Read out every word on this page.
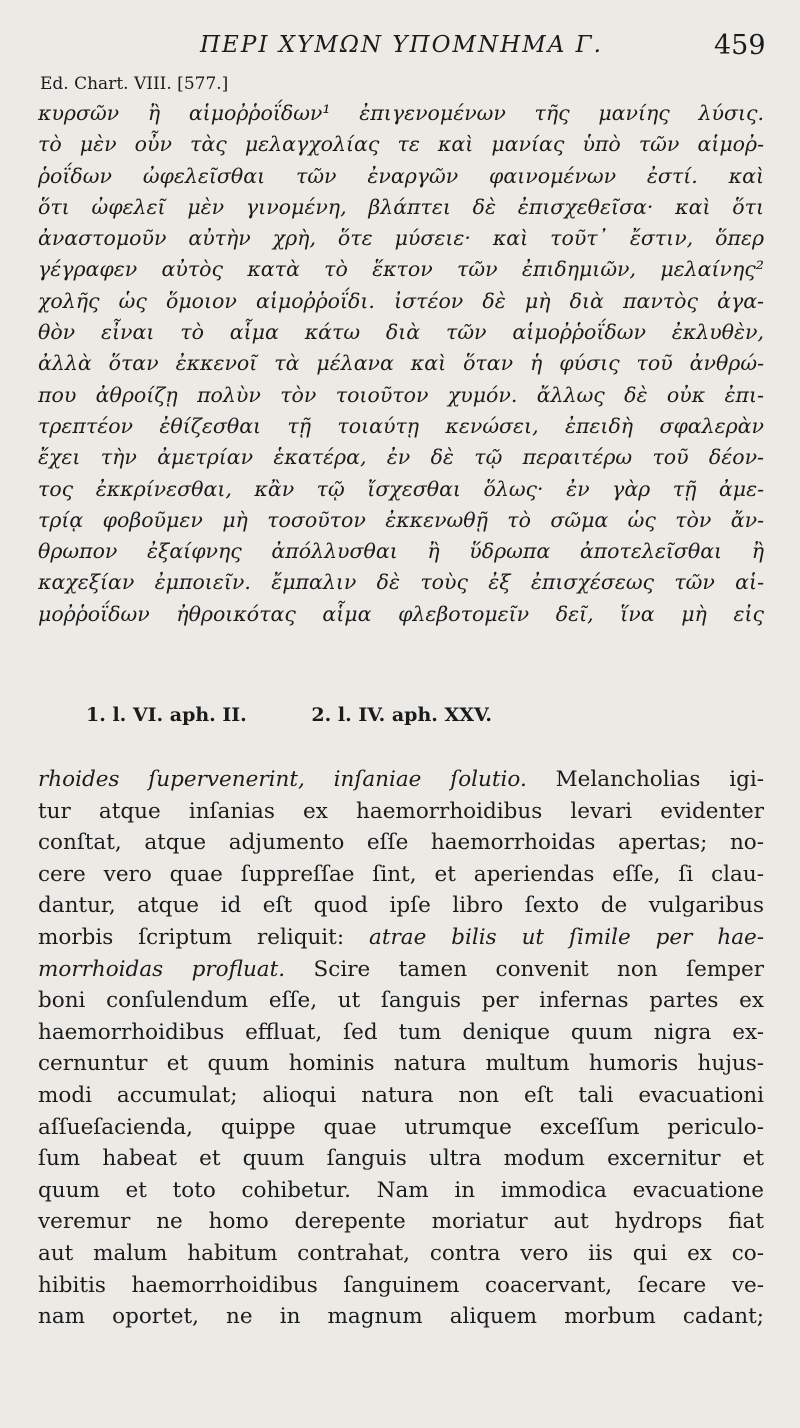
ΠΕΡΙ ΧΥΜΩΝ ΥΠΟΜΝΗΜΑ Γ.	459
Ed. Chart. VIII. [577.]
κυρσῶν ἢ αἱμοῤῥοΐδων¹ ἐπιγενομένων τῆς μανίης λύσις.
τὸ μὲν οὖν τὰς μελαγχολίας τε καὶ μανίας ὑπὸ τῶν αἱμοῤ-
ῥοΐδων ὠφελεῖσθαι τῶν ἐναργῶν φαινομένων ἐστί. καὶ
ὅτι ὠφελεῖ μὲν γινομένη, βλάπτει δὲ ἐπισχεθεῖσα· καὶ ὅτι
ἀναστομοῦν αὐτὴν χρὴ, ὅτε μύσειε· καὶ τοῦτ᾽ ἔστιν, ὅπερ
γέγραφεν αὐτὸς κατὰ τὸ ἕκτον τῶν ἐπιδημιῶν, μελαίνης²
χολῆς ὡς ὅμοιον αἱμοῤῥοΐδι. ἰστέον δὲ μὴ διὰ παντὸς ἀγα-
θὸν εἶναι τὸ αἷμα κάτω διὰ τῶν αἱμοῤῥοΐδων ἐκλυθὲν,
ἀλλὰ ὅταν ἐκκενοῖ τὰ μέλανα καὶ ὅταν ἡ φύσις τοῦ ἀνθρώ-
που ἀθροίζῃ πολὺν τὸν τοιοῦτον χυμόν. ἄλλως δὲ οὐκ ἐπι-
τρεπτέον ἐθίζεσθαι τῇ τοιαύτῃ κενώσει, ἐπειδὴ σφαλερὰν
ἔχει τὴν ἀμετρίαν ἑκατέρα, ἐν δὲ τῷ περαιτέρω τοῦ δέον-
τος ἐκκρίνεσθαι, κἂν τῷ ἴσχεσθαι ὅλως· ἐν γὰρ τῇ ἀμε-
τρίᾳ φοβοῦμεν μὴ τοσοῦτον ἐκκενωθῇ τὸ σῶμα ὡς τὸν ἄν-
θρωπον ἐξαίφνης ἀπόλλυσθαι ἢ ὕδρωπα ἀποτελεῖσθαι ἢ
καχεξίαν ἐμποιεῖν. ἔμπαλιν δὲ τοὺς ἐξ ἐπισχέσεως τῶν αἱ-
μοῤῥοΐδων ἠθροικότας αἷμα φλεβοτομεῖν δεῖ, ἵνα μὴ εἰς
1. l. VI. aph. II.	2. l. IV. aph. XXV.
rhoides ſupervenerint, inſaniae ſolutio. Melancholias igi-
tur atque inſanias ex haemorrhoidibus levari evidenter
conſtat, atque adjumento eſſe haemorrhoidas apertas; no-
cere vero quae ſuppreſſae ſint, et aperiendas eſſe, ſi clau-
dantur, atque id eſt quod ipſe libro ſexto de vulgaribus
morbis ſcriptum reliquit: atrae bilis ut ſimile per hae-
morrhoidas profluat. Scire tamen convenit non ſemper
boni conſulendum eſſe, ut ſanguis per infernas partes ex
haemorrhoidibus effluat, ſed tum denique quum nigra ex-
cernuntur et quum hominis natura multum humoris hujus-
modi accumulat; alioqui natura non eſt tali evacuationi
aſſueſacienda, quippe quae utrumque exceſſum periculo-
ſum habeat et quum ſanguis ultra modum excernitur et
quum et toto cohibetur. Nam in immodica evacuatione
veremur ne homo derepente moriatur aut hydrops fiat
aut malum habitum contrahat, contra vero iis qui ex co-
hibitis haemorrhoidibus ſanguinem coacervant, ſecare ve-
nam oportet, ne in magnum aliquem morbum cadant;
